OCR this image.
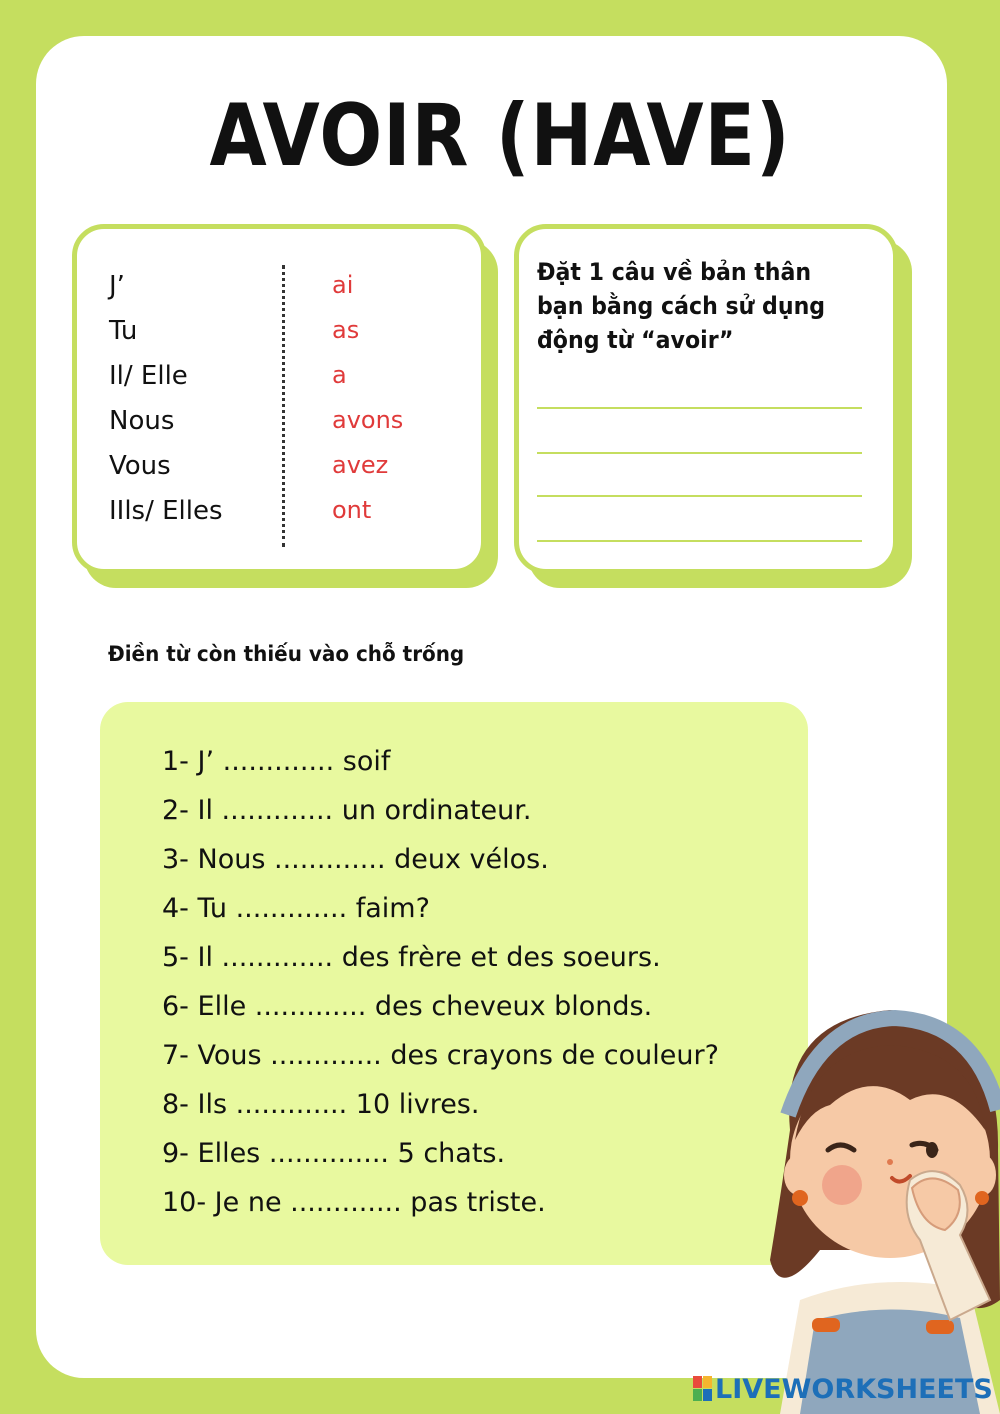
AVOIR (HAVE)
J’	ai
Tu	as
Il/ Elle	a
Nous	avons
Vous	avez
IIls/ Elles	ont
Đặt 1 câu về bản thân bạn bằng cách sử dụng động từ “avoir”
Điền từ còn thiếu vào chỗ trống
1- J’ ............. soif
2- Il ............. un ordinateur.
3- Nous ............. deux vélos.
4- Tu ............. faim?
5- Il ............. des frère et des soeurs.
6- Elle ............. des cheveux blonds.
7- Vous ............. des crayons de couleur?
8- Ils ............. 10 livres.
9- Elles .............. 5 chats.
10- Je ne ............. pas triste.
LIVEWORKSHEETS
